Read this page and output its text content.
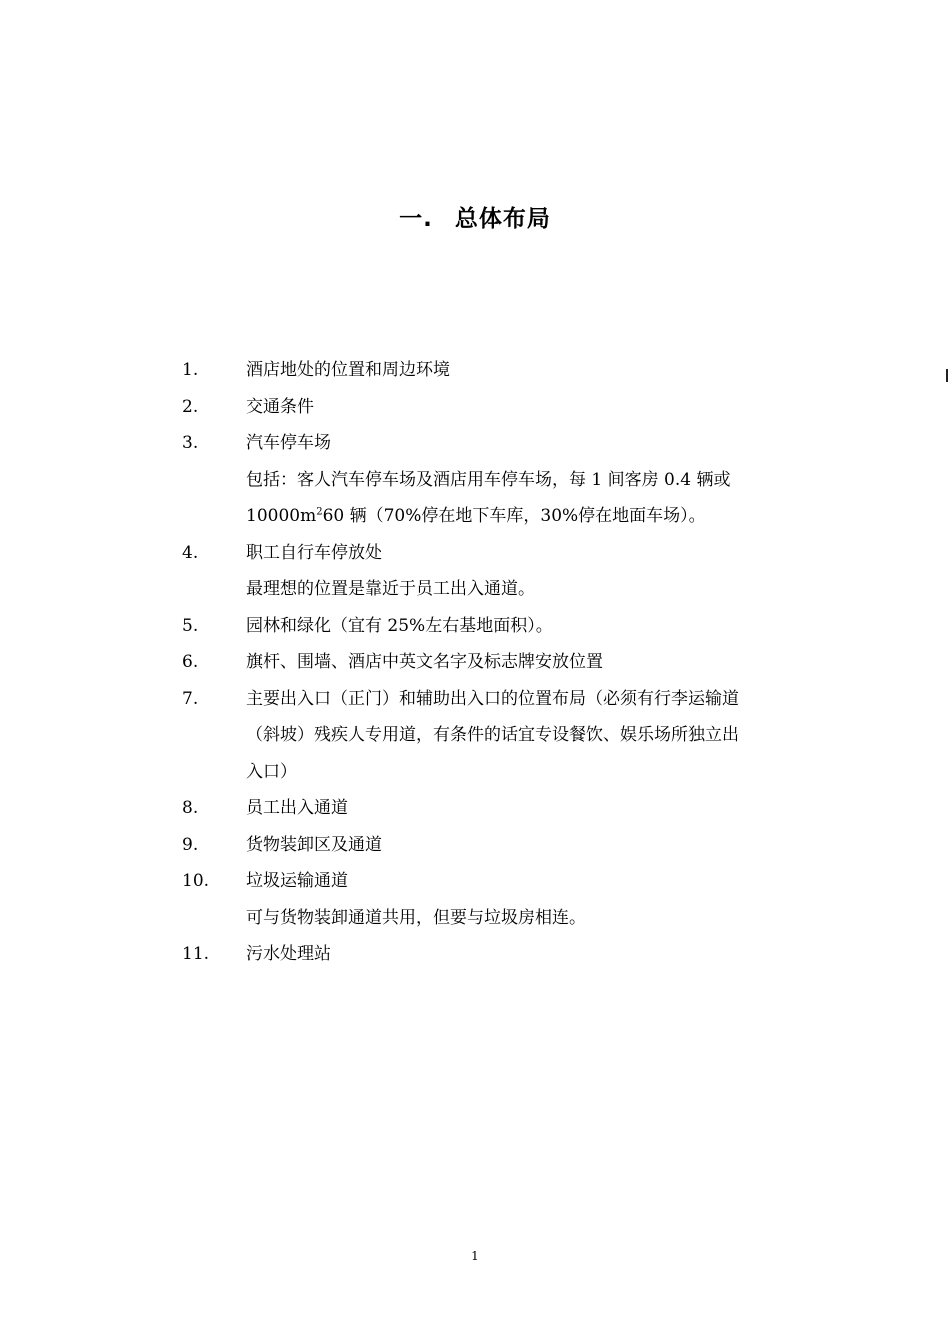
一. 总体布局
1.	酒店地处的位置和周边环境
2.	交通条件
3.	汽车停车场
包括：客人汽车停车场及酒店用车停车场，每 1 间客房 0.4 辆或
$10000m^260$ 辆（70%停在地下车库，30%停在地面车场）。
4.	职工自行车停放处
最理想的位置是靠近于员工出入通道。
5.	园林和绿化（宜有 25%左右基地面积）。
6.	旗杆、围墙、酒店中英文名字及标志牌安放位置
7.	主要出入口（正门）和辅助出入口的位置布局（必须有行李运输道
（斜坡）残疾人专用道，有条件的话宜专设餐饮、娱乐场所独立出
入口）
8.	员工出入通道
9.	货物装卸区及通道
10.	垃圾运输通道
可与货物装卸通道共用，但要与垃圾房相连。
11.	污水处理站
1
